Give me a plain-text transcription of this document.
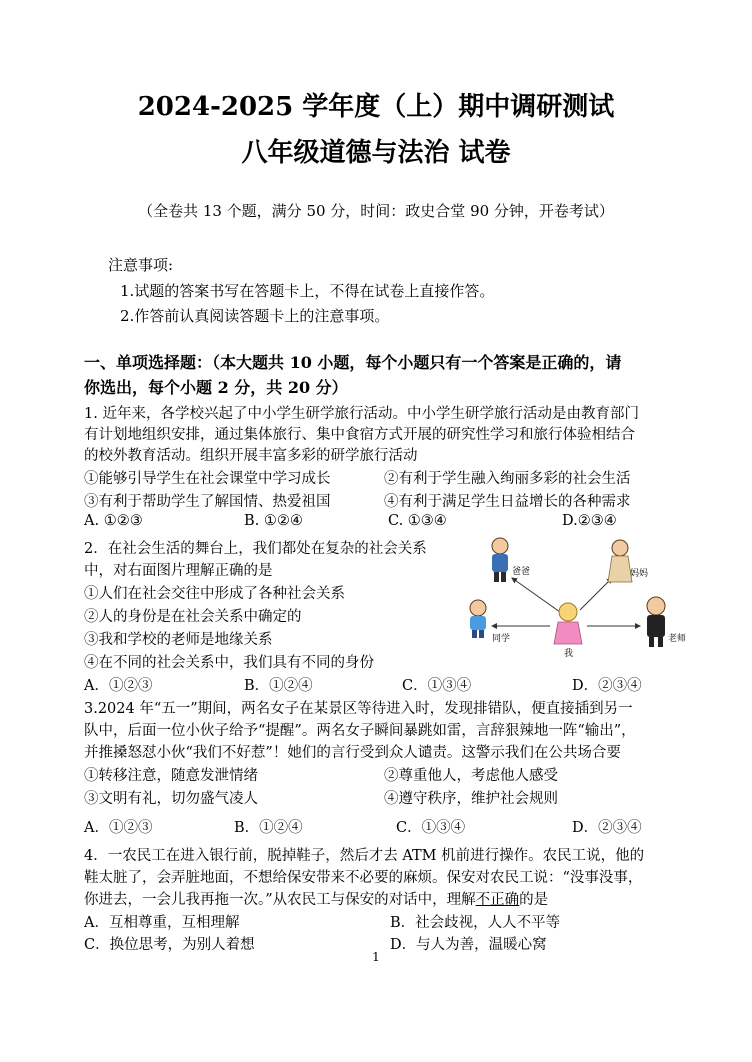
2024-2025 学年度（上）期中调研测试
八年级道德与法治 试卷
（全卷共 13 个题，满分 50 分，时间：政史合堂 90 分钟，开卷考试）
注意事项:
1.试题的答案书写在答题卡上，不得在试卷上直接作答。
2.作答前认真阅读答题卡上的注意事项。
一、单项选择题：（本大题共 10 小题，每个小题只有一个答案是正确的，请
你选出，每个小题 2 分，共 20 分）
1. 近年来，各学校兴起了中小学生研学旅行活动。中小学生研学旅行活动是由教育部门
有计划地组织安排，通过集体旅行、集中食宿方式开展的研究性学习和旅行体验相结合
的校外教育活动。组织开展丰富多彩的研学旅行活动
①能够引导学生在社会课堂中学习成长	②有利于学生融入绚丽多彩的社会生活
③有利于帮助学生了解国情、热爱祖国	④有利于满足学生日益增长的各种需求
A. ①②③	B. ①②④	C. ①③④	D.②③④
2．在社会生活的舞台上，我们都处在复杂的社会关系
中，对右面图片理解正确的是
①人们在社会交往中形成了各种社会关系
②人的身份是在社会关系中确定的
③我和学校的老师是地缘关系
④在不同的社会关系中，我们具有不同的身份
A．①②③	B．①②④	C．①③④	D．②③④
爸爸	妈妈
同学
我
老师
3.2024 年“五一”期间，两名女子在某景区等待进入时，发现排错队，便直接插到另一
队中，后面一位小伙子给予“提醒”。两名女子瞬间暴跳如雷，言辞狠辣地一阵“输出”，
并推搡怒怼小伙“我们不好惹”！她们的言行受到众人谴责。这警示我们在公共场合要
①转移注意，随意发泄情绪	②尊重他人，考虑他人感受
③文明有礼，切勿盛气凌人	④遵守秩序，维护社会规则
A．①②③	B．①②④	C．①③④	D．②③④
4．一农民工在进入银行前，脱掉鞋子，然后才去 ATM 机前进行操作。农民工说，他的
鞋太脏了，会弄脏地面，不想给保安带来不必要的麻烦。保安对农民工说：“没事没事，
你进去，一会儿我再拖一次。”从农民工与保安的对话中，理解不正确的是
A．互相尊重，互相理解	B．社会歧视，人人不平等
C．换位思考，为别人着想	D．与人为善，温暖心窝
1
